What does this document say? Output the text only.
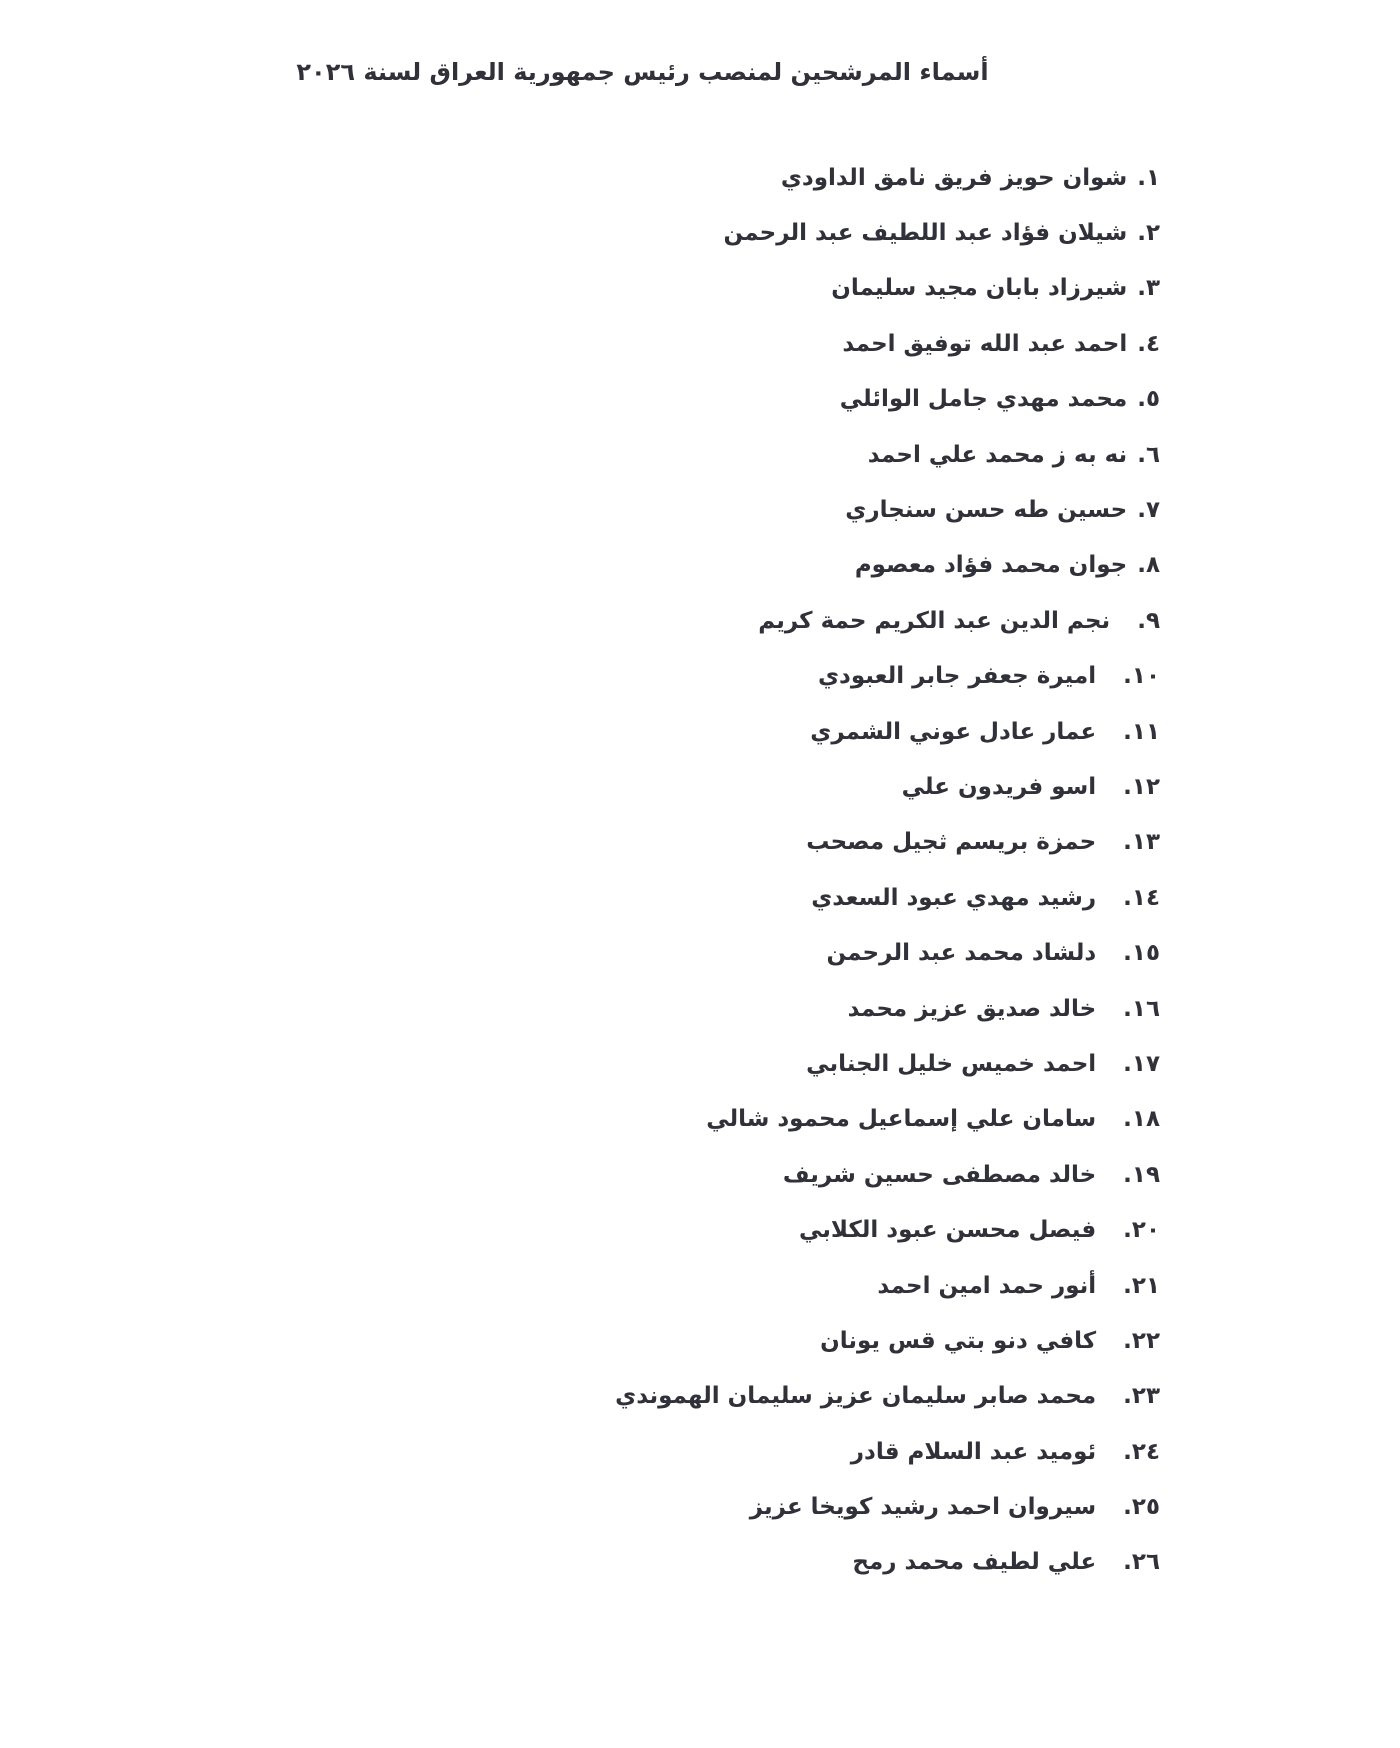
أسماء المرشحين لمنصب رئيس جمهورية العراق لسنة ٢٠٢٦
١.
شوان حويز فريق نامق الداودي
٢.
شيلان فؤاد عبد اللطيف عبد الرحمن
٣.
شيرزاد بابان مجيد سليمان
٤.
احمد عبد الله توفيق احمد
٥.
محمد مهدي جامل الوائلي
٦.
نه به ز محمد علي احمد
٧.
حسين طه حسن سنجاري
٨.
جوان محمد فؤاد معصوم
٩.
نجم الدين عبد الكريم حمة كريم
١٠.
اميرة جعفر جابر العبودي
١١.
عمار عادل عوني الشمري
١٢.
اسو فريدون علي
١٣.
حمزة بريسم ثجيل مصحب
١٤.
رشيد مهدي عبود السعدي
١٥.
دلشاد محمد عبد الرحمن
١٦.
خالد صديق عزيز محمد
١٧.
احمد خميس خليل الجنابي
١٨.
سامان علي إسماعيل محمود شالي
١٩.
خالد مصطفى حسين شريف
٢٠.
فيصل محسن عبود الكلابي
٢١.
أنور حمد امين احمد
٢٢.
كافي دنو بتي قس يونان
٢٣.
محمد صابر سليمان عزيز سليمان الهموندي
٢٤.
ئوميد عبد السلام قادر
٢٥.
سيروان احمد رشيد كويخا عزيز
٢٦.
علي لطيف محمد رمح
